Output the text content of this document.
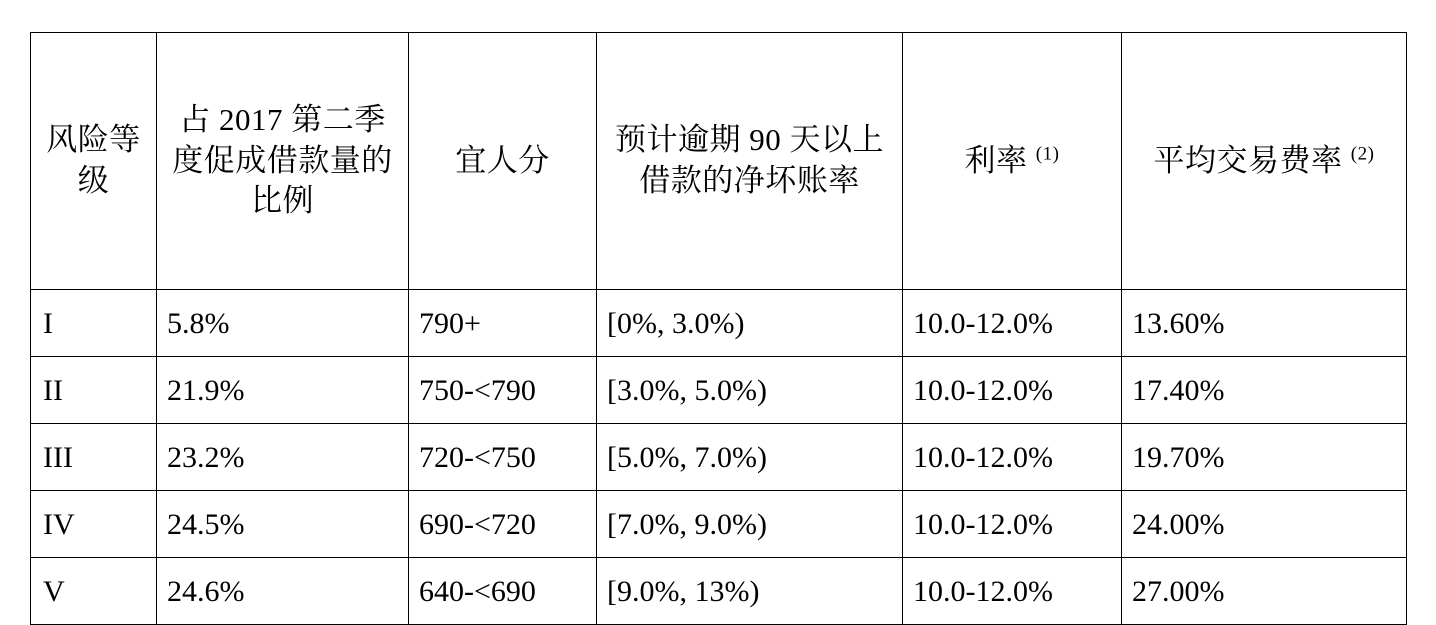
风险等级	占 2017 第二季度促成借款量的比例	宜人分	预计逾期 90 天以上借款的净坏账率	利率 $^{(1)}$	平均交易费率 $^{(2)}$

I	5.8%	790+	[0%, 3.0%)	10.0-12.0%	13.60%
II	21.9%	750-<790	[3.0%, 5.0%)	10.0-12.0%	17.40%
III	23.2%	720-<750	[5.0%, 7.0%)	10.0-12.0%	19.70%
IV	24.5%	690-<720	[7.0%, 9.0%)	10.0-12.0%	24.00%
V	24.6%	640-<690	[9.0%, 13%)	10.0-12.0%	27.00%
